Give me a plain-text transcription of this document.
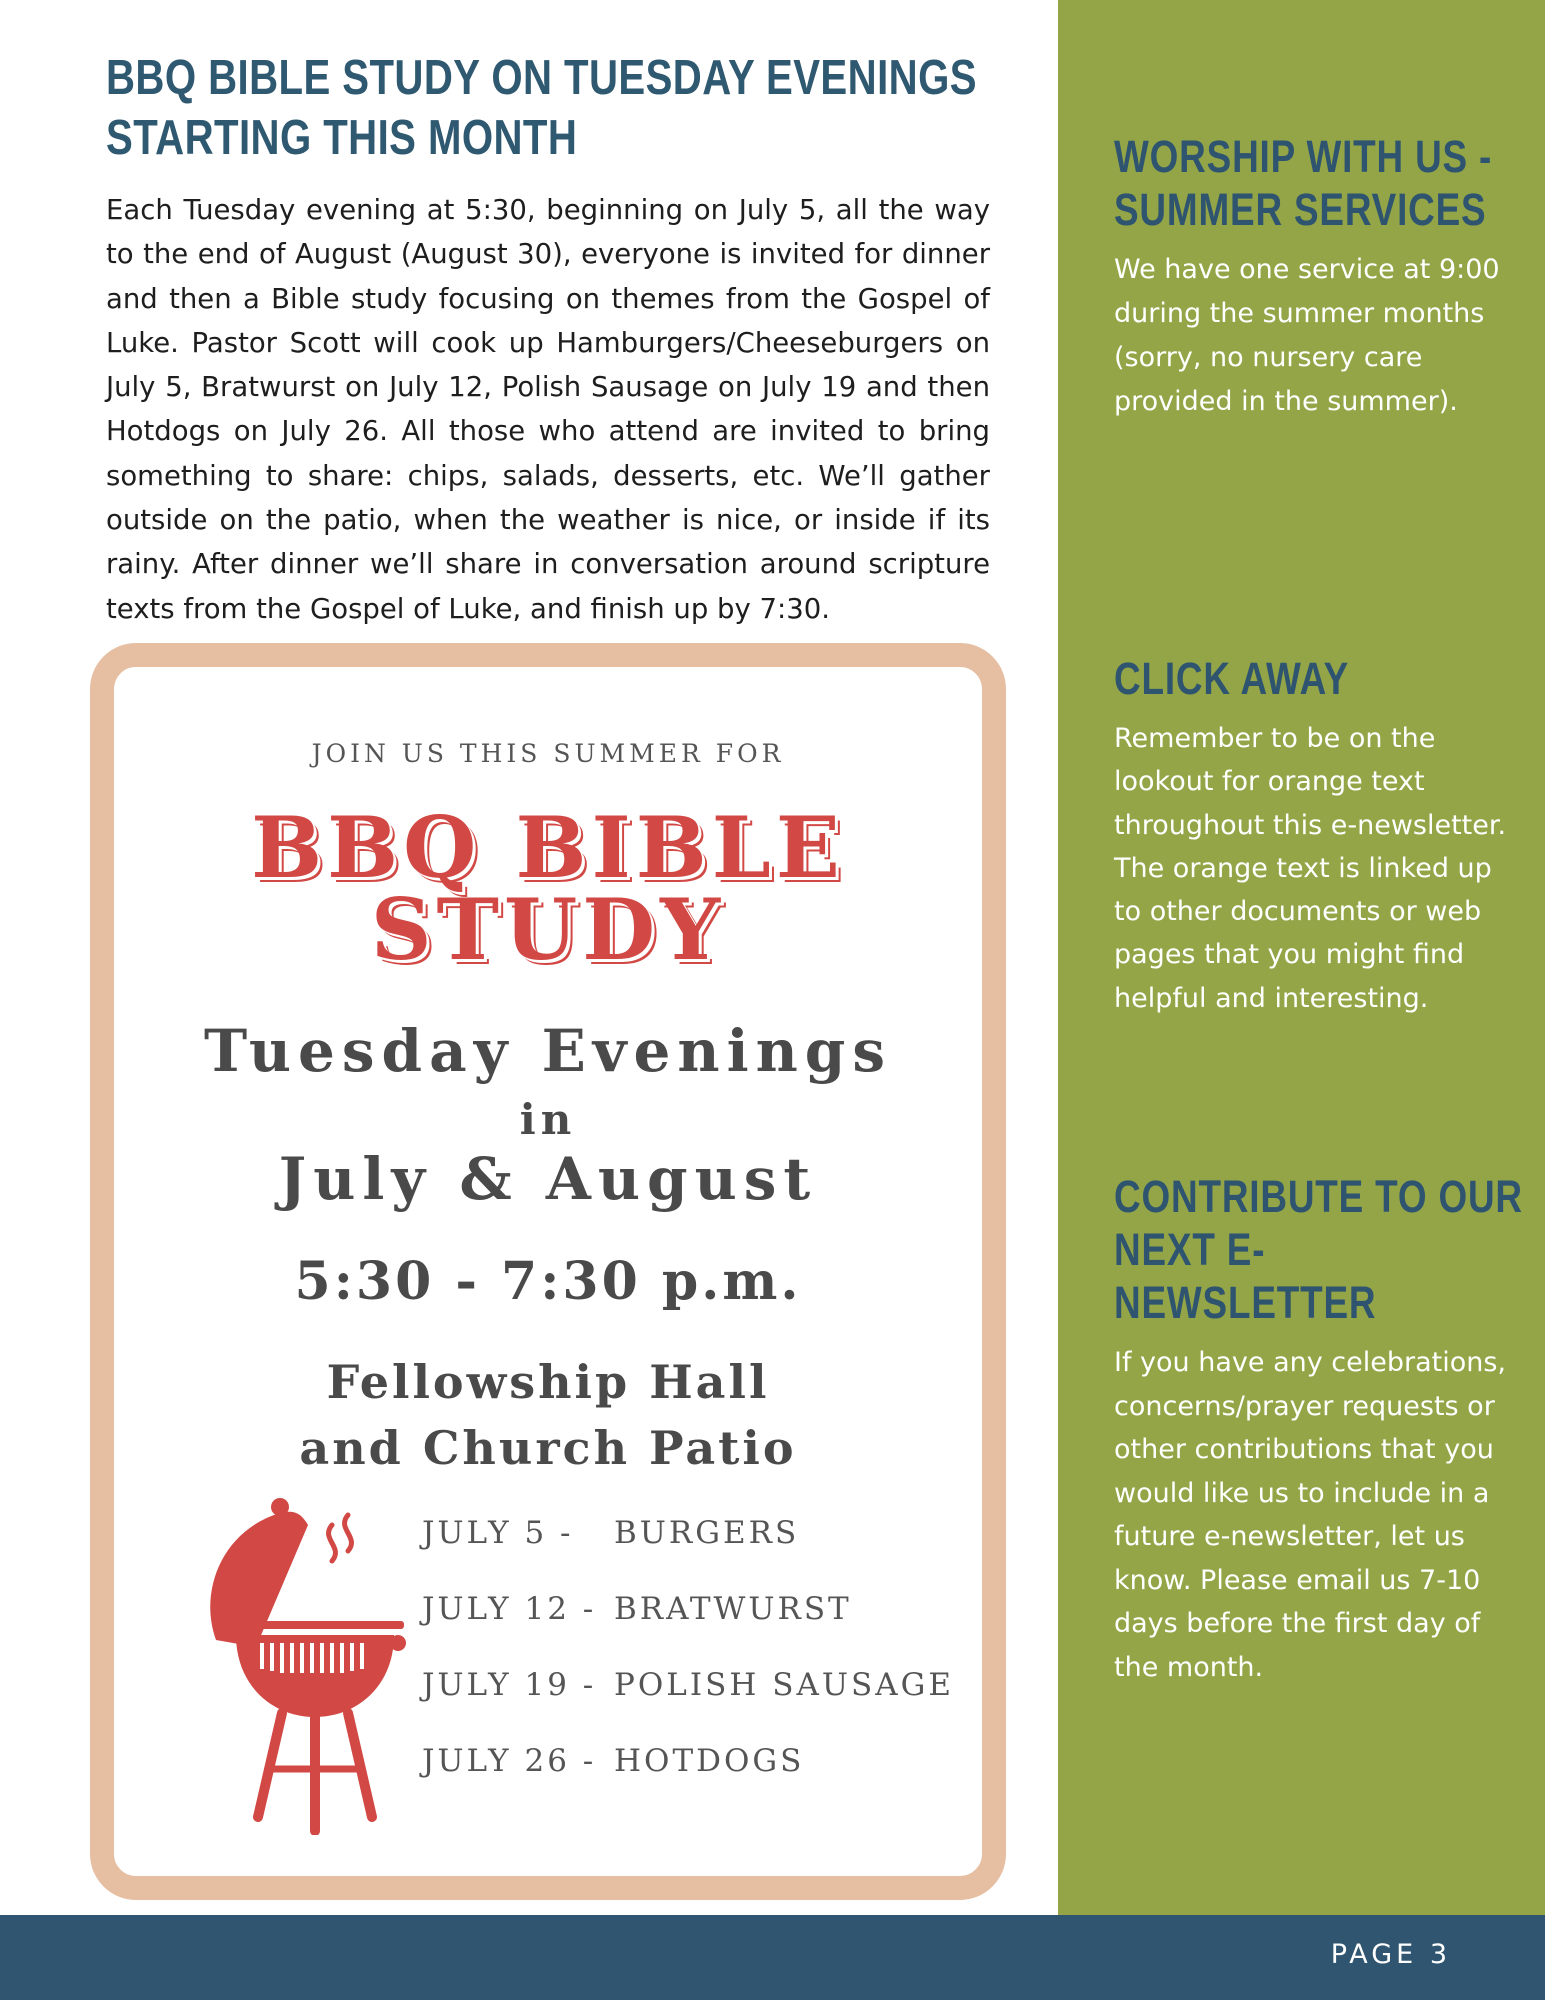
BBQ BIBLE STUDY ON TUESDAY EVENINGS
STARTING THIS MONTH

Each Tuesday evening at 5:30, beginning on July 5, all the way to the end of August (August 30), everyone is invited for dinner and then a Bible study focusing on themes from the Gospel of Luke. Pastor Scott will cook up Hamburgers/Cheeseburgers on July 5, Bratwurst on July 12, Polish Sausage on July 19 and then Hotdogs on July 26. All those who attend are invited to bring something to share: chips, salads, desserts, etc. We’ll gather outside on the patio, when the weather is nice, or inside if its rainy. After dinner we’ll share in conversation around scripture texts from the Gospel of Luke, and finish up by 7:30.

JOIN US THIS SUMMER FOR
BBQ BIBLE
STUDY
Tuesday Evenings
in
July & August
5:30 - 7:30 p.m.
Fellowship Hall
and Church Patio
JULY 5 - BURGERS
JULY 12 - BRATWURST
JULY 19 - POLISH SAUSAGE
JULY 26 - HOTDOGS
WORSHIP WITH US -
SUMMER SERVICES

We have one service at 9:00 during the summer months (sorry, no nursery care provided in the summer).

CLICK AWAY

Remember to be on the lookout for orange text throughout this e-newsletter. The orange text is linked up to other documents or web pages that you might find helpful and interesting.

CONTRIBUTE TO OUR
NEXT E-NEWSLETTER

If you have any celebrations, concerns/prayer requests or other contributions that you would like us to include in a future e-newsletter, let us know. Please email us 7-10 days before the first day of the month.

PAGE 3
